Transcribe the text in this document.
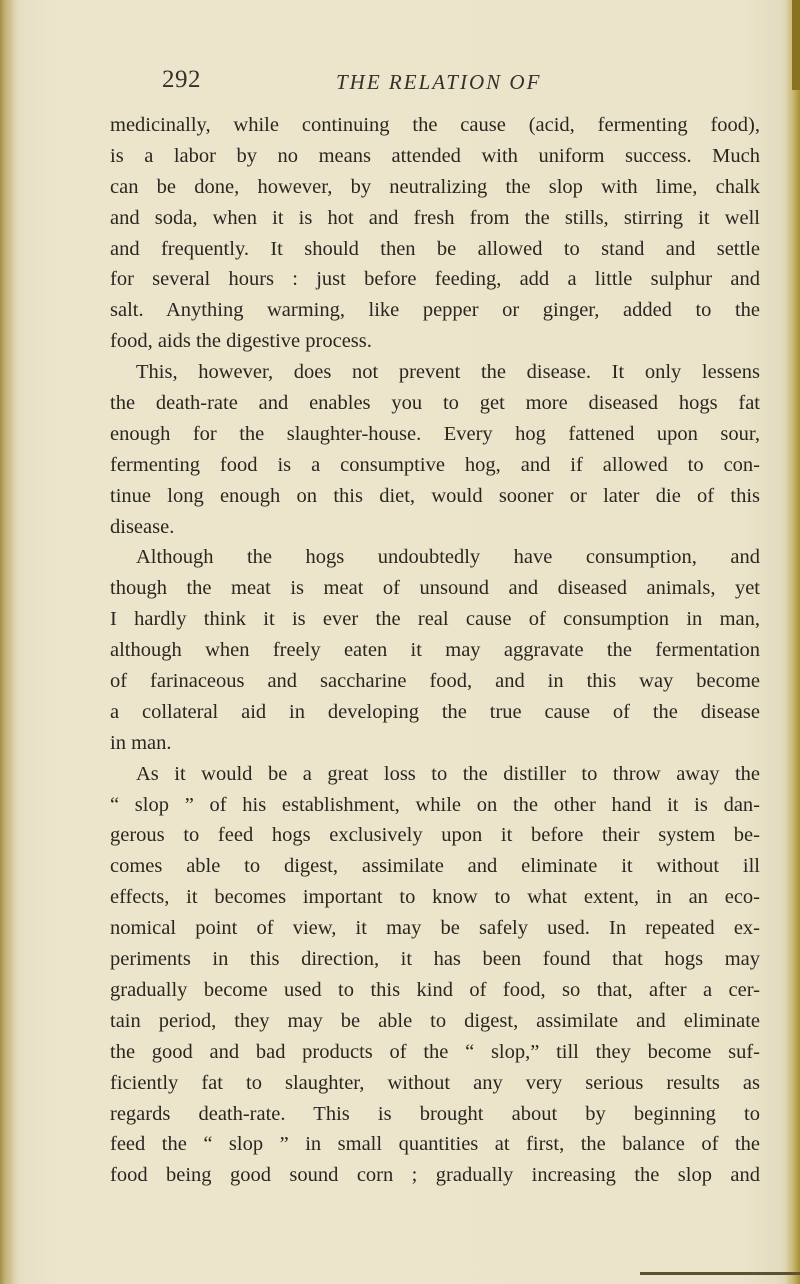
292	THE RELATION OF
medicinally, while continuing the cause (acid, fermenting food),
is a labor by no means attended with uniform success. Much
can be done, however, by neutralizing the slop with lime, chalk
and soda, when it is hot and fresh from the stills, stirring it well
and frequently. It should then be allowed to stand and settle
for several hours : just before feeding, add a little sulphur and
salt. Anything warming, like pepper or ginger, added to the
food, aids the digestive process.
This, however, does not prevent the disease. It only lessens
the death-rate and enables you to get more diseased hogs fat
enough for the slaughter-house. Every hog fattened upon sour,
fermenting food is a consumptive hog, and if allowed to con-
tinue long enough on this diet, would sooner or later die of this
disease.
Although the hogs undoubtedly have consumption, and
though the meat is meat of unsound and diseased animals, yet
I hardly think it is ever the real cause of consumption in man,
although when freely eaten it may aggravate the fermentation
of farinaceous and saccharine food, and in this way become
a collateral aid in developing the true cause of the disease
in man.
As it would be a great loss to the distiller to throw away the
“ slop ” of his establishment, while on the other hand it is dan-
gerous to feed hogs exclusively upon it before their system be-
comes able to digest, assimilate and eliminate it without ill
effects, it becomes important to know to what extent, in an eco-
nomical point of view, it may be safely used. In repeated ex-
periments in this direction, it has been found that hogs may
gradually become used to this kind of food, so that, after a cer-
tain period, they may be able to digest, assimilate and eliminate
the good and bad products of the “ slop,” till they become suf-
ficiently fat to slaughter, without any very serious results as
regards death-rate. This is brought about by beginning to
feed the “ slop ” in small quantities at first, the balance of the
food being good sound corn ; gradually increasing the slop and
